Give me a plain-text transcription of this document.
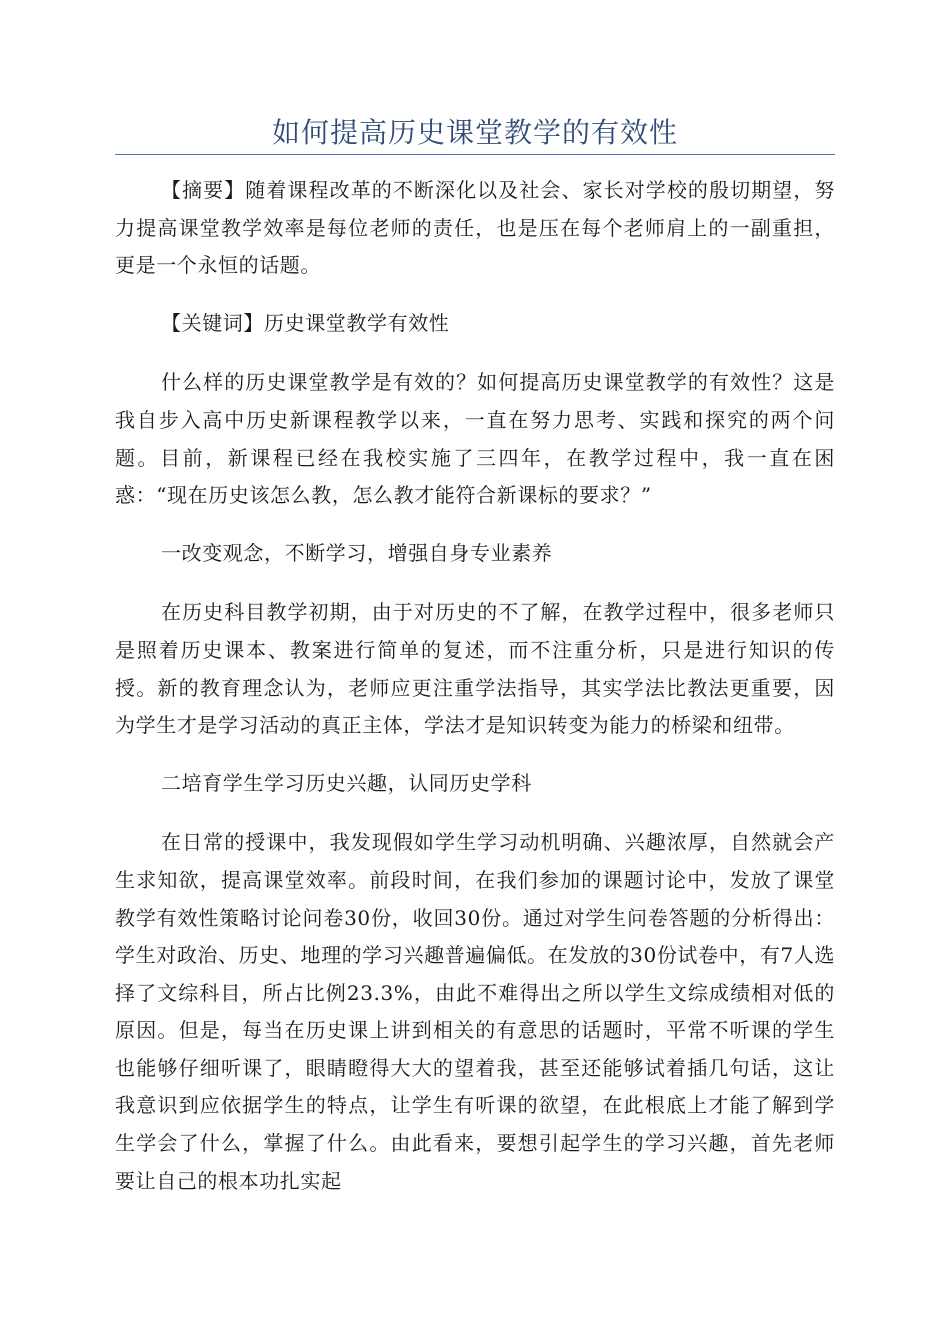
如何提高历史课堂教学的有效性

【摘要】随着课程改革的不断深化以及社会、家长对学校的殷切期望，努力提高课堂教学效率是每位老师的责任，也是压在每个老师肩上的一副重担，更是一个永恒的话题。

【关键词】历史课堂教学有效性

什么样的历史课堂教学是有效的？如何提高历史课堂教学的有效性？这是我自步入高中历史新课程教学以来，一直在努力思考、实践和探究的两个问题。目前，新课程已经在我校实施了三四年，在教学过程中，我一直在困惑：“现在历史该怎么教，怎么教才能符合新课标的要求？”

一改变观念，不断学习，增强自身专业素养

在历史科目教学初期，由于对历史的不了解，在教学过程中，很多老师只是照着历史课本、教案进行简单的复述，而不注重分析，只是进行知识的传授。新的教育理念认为，老师应更注重学法指导，其实学法比教法更重要，因为学生才是学习活动的真正主体，学法才是知识转变为能力的桥梁和纽带。

二培育学生学习历史兴趣，认同历史学科

在日常的授课中，我发现假如学生学习动机明确、兴趣浓厚，自然就会产生求知欲，提高课堂效率。前段时间，在我们参加的课题讨论中，发放了课堂教学有效性策略讨论问卷30份，收回30份。通过对学生问卷答题的分析得出：学生对政治、历史、地理的学习兴趣普遍偏低。在发放的30份试卷中，有7人选择了文综科目，所占比例23.3%，由此不难得出之所以学生文综成绩相对低的原因。但是，每当在历史课上讲到相关的有意思的话题时，平常不听课的学生也能够仔细听课了，眼睛瞪得大大的望着我，甚至还能够试着插几句话，这让我意识到应依据学生的特点，让学生有听课的欲望，在此根底上才能了解到学生学会了什么，掌握了什么。由此看来，要想引起学生的学习兴趣，首先老师要让自己的根本功扎实起
